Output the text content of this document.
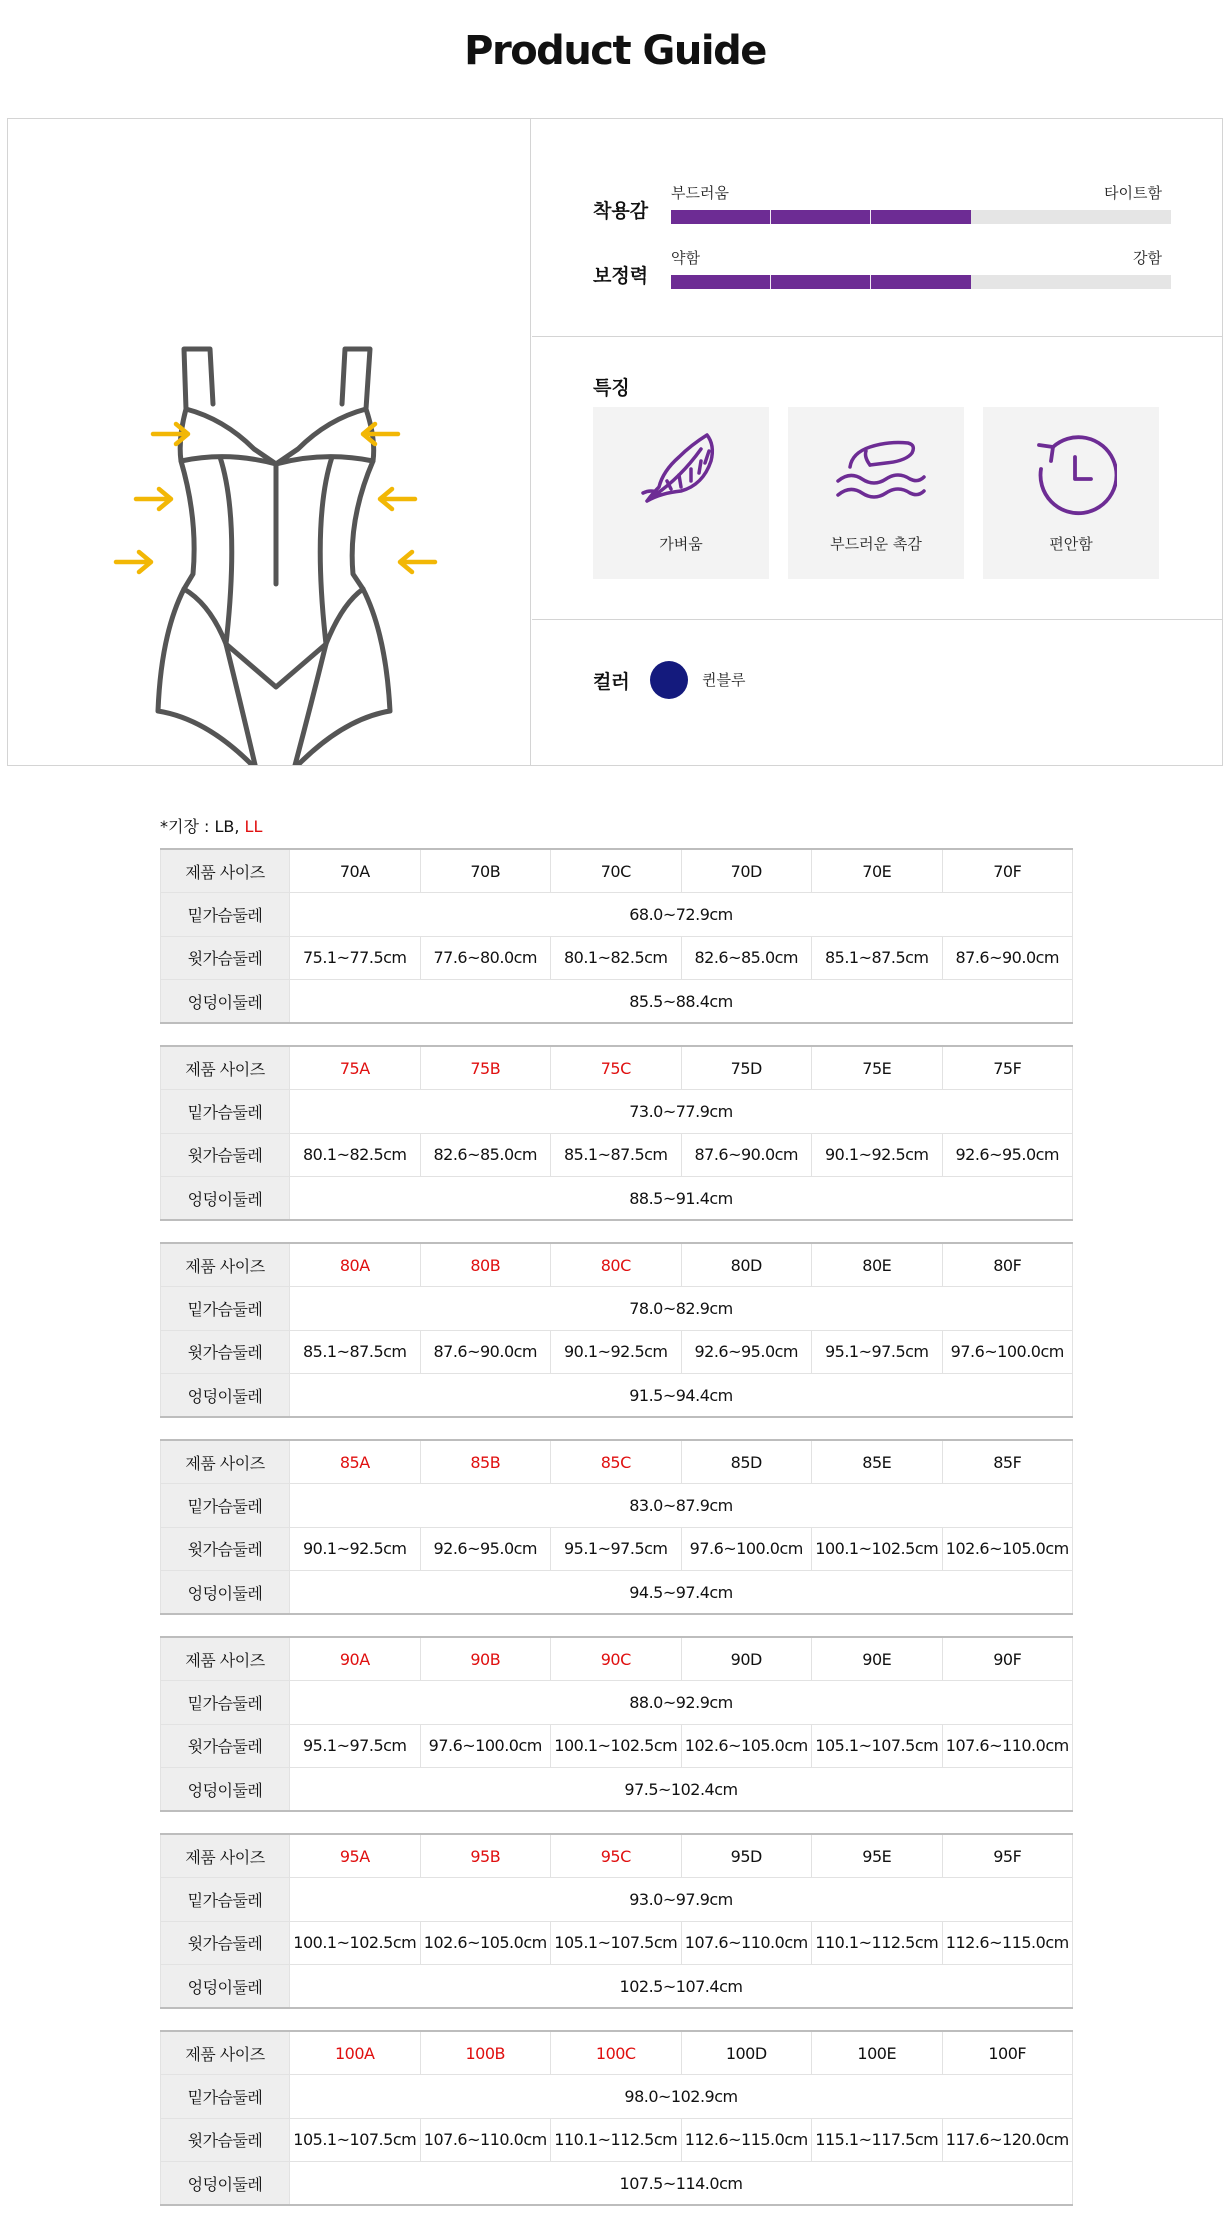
Product Guide
착용감
부드러움	타이트함
보정력
약함	강함
특징
가벼움	부드러운 촉감	편안함
컬러	퀸블루
*기장 : LB, LL
제품 사이즈	70A	70B	70C	70D	70E	70F
밑가슴둘레	68.0~72.9cm					
윗가슴둘레	75.1~77.5cm	77.6~80.0cm	80.1~82.5cm	82.6~85.0cm	85.1~87.5cm	87.6~90.0cm
엉덩이둘레	85.5~88.4cm					
제품 사이즈	75A	75B	75C	75D	75E	75F
밑가슴둘레	73.0~77.9cm					
윗가슴둘레	80.1~82.5cm	82.6~85.0cm	85.1~87.5cm	87.6~90.0cm	90.1~92.5cm	92.6~95.0cm
엉덩이둘레	88.5~91.4cm					
제품 사이즈	80A	80B	80C	80D	80E	80F
밑가슴둘레	78.0~82.9cm					
윗가슴둘레	85.1~87.5cm	87.6~90.0cm	90.1~92.5cm	92.6~95.0cm	95.1~97.5cm	97.6~100.0cm
엉덩이둘레	91.5~94.4cm					
제품 사이즈	85A	85B	85C	85D	85E	85F
밑가슴둘레	83.0~87.9cm					
윗가슴둘레	90.1~92.5cm	92.6~95.0cm	95.1~97.5cm	97.6~100.0cm	100.1~102.5cm	102.6~105.0cm
엉덩이둘레	94.5~97.4cm					
제품 사이즈	90A	90B	90C	90D	90E	90F
밑가슴둘레	88.0~92.9cm					
윗가슴둘레	95.1~97.5cm	97.6~100.0cm	100.1~102.5cm	102.6~105.0cm	105.1~107.5cm	107.6~110.0cm
엉덩이둘레	97.5~102.4cm					
제품 사이즈	95A	95B	95C	95D	95E	95F
밑가슴둘레	93.0~97.9cm					
윗가슴둘레	100.1~102.5cm	102.6~105.0cm	105.1~107.5cm	107.6~110.0cm	110.1~112.5cm	112.6~115.0cm
엉덩이둘레	102.5~107.4cm					
제품 사이즈	100A	100B	100C	100D	100E	100F
밑가슴둘레	98.0~102.9cm					
윗가슴둘레	105.1~107.5cm	107.6~110.0cm	110.1~112.5cm	112.6~115.0cm	115.1~117.5cm	117.6~120.0cm
엉덩이둘레	107.5~114.0cm					
